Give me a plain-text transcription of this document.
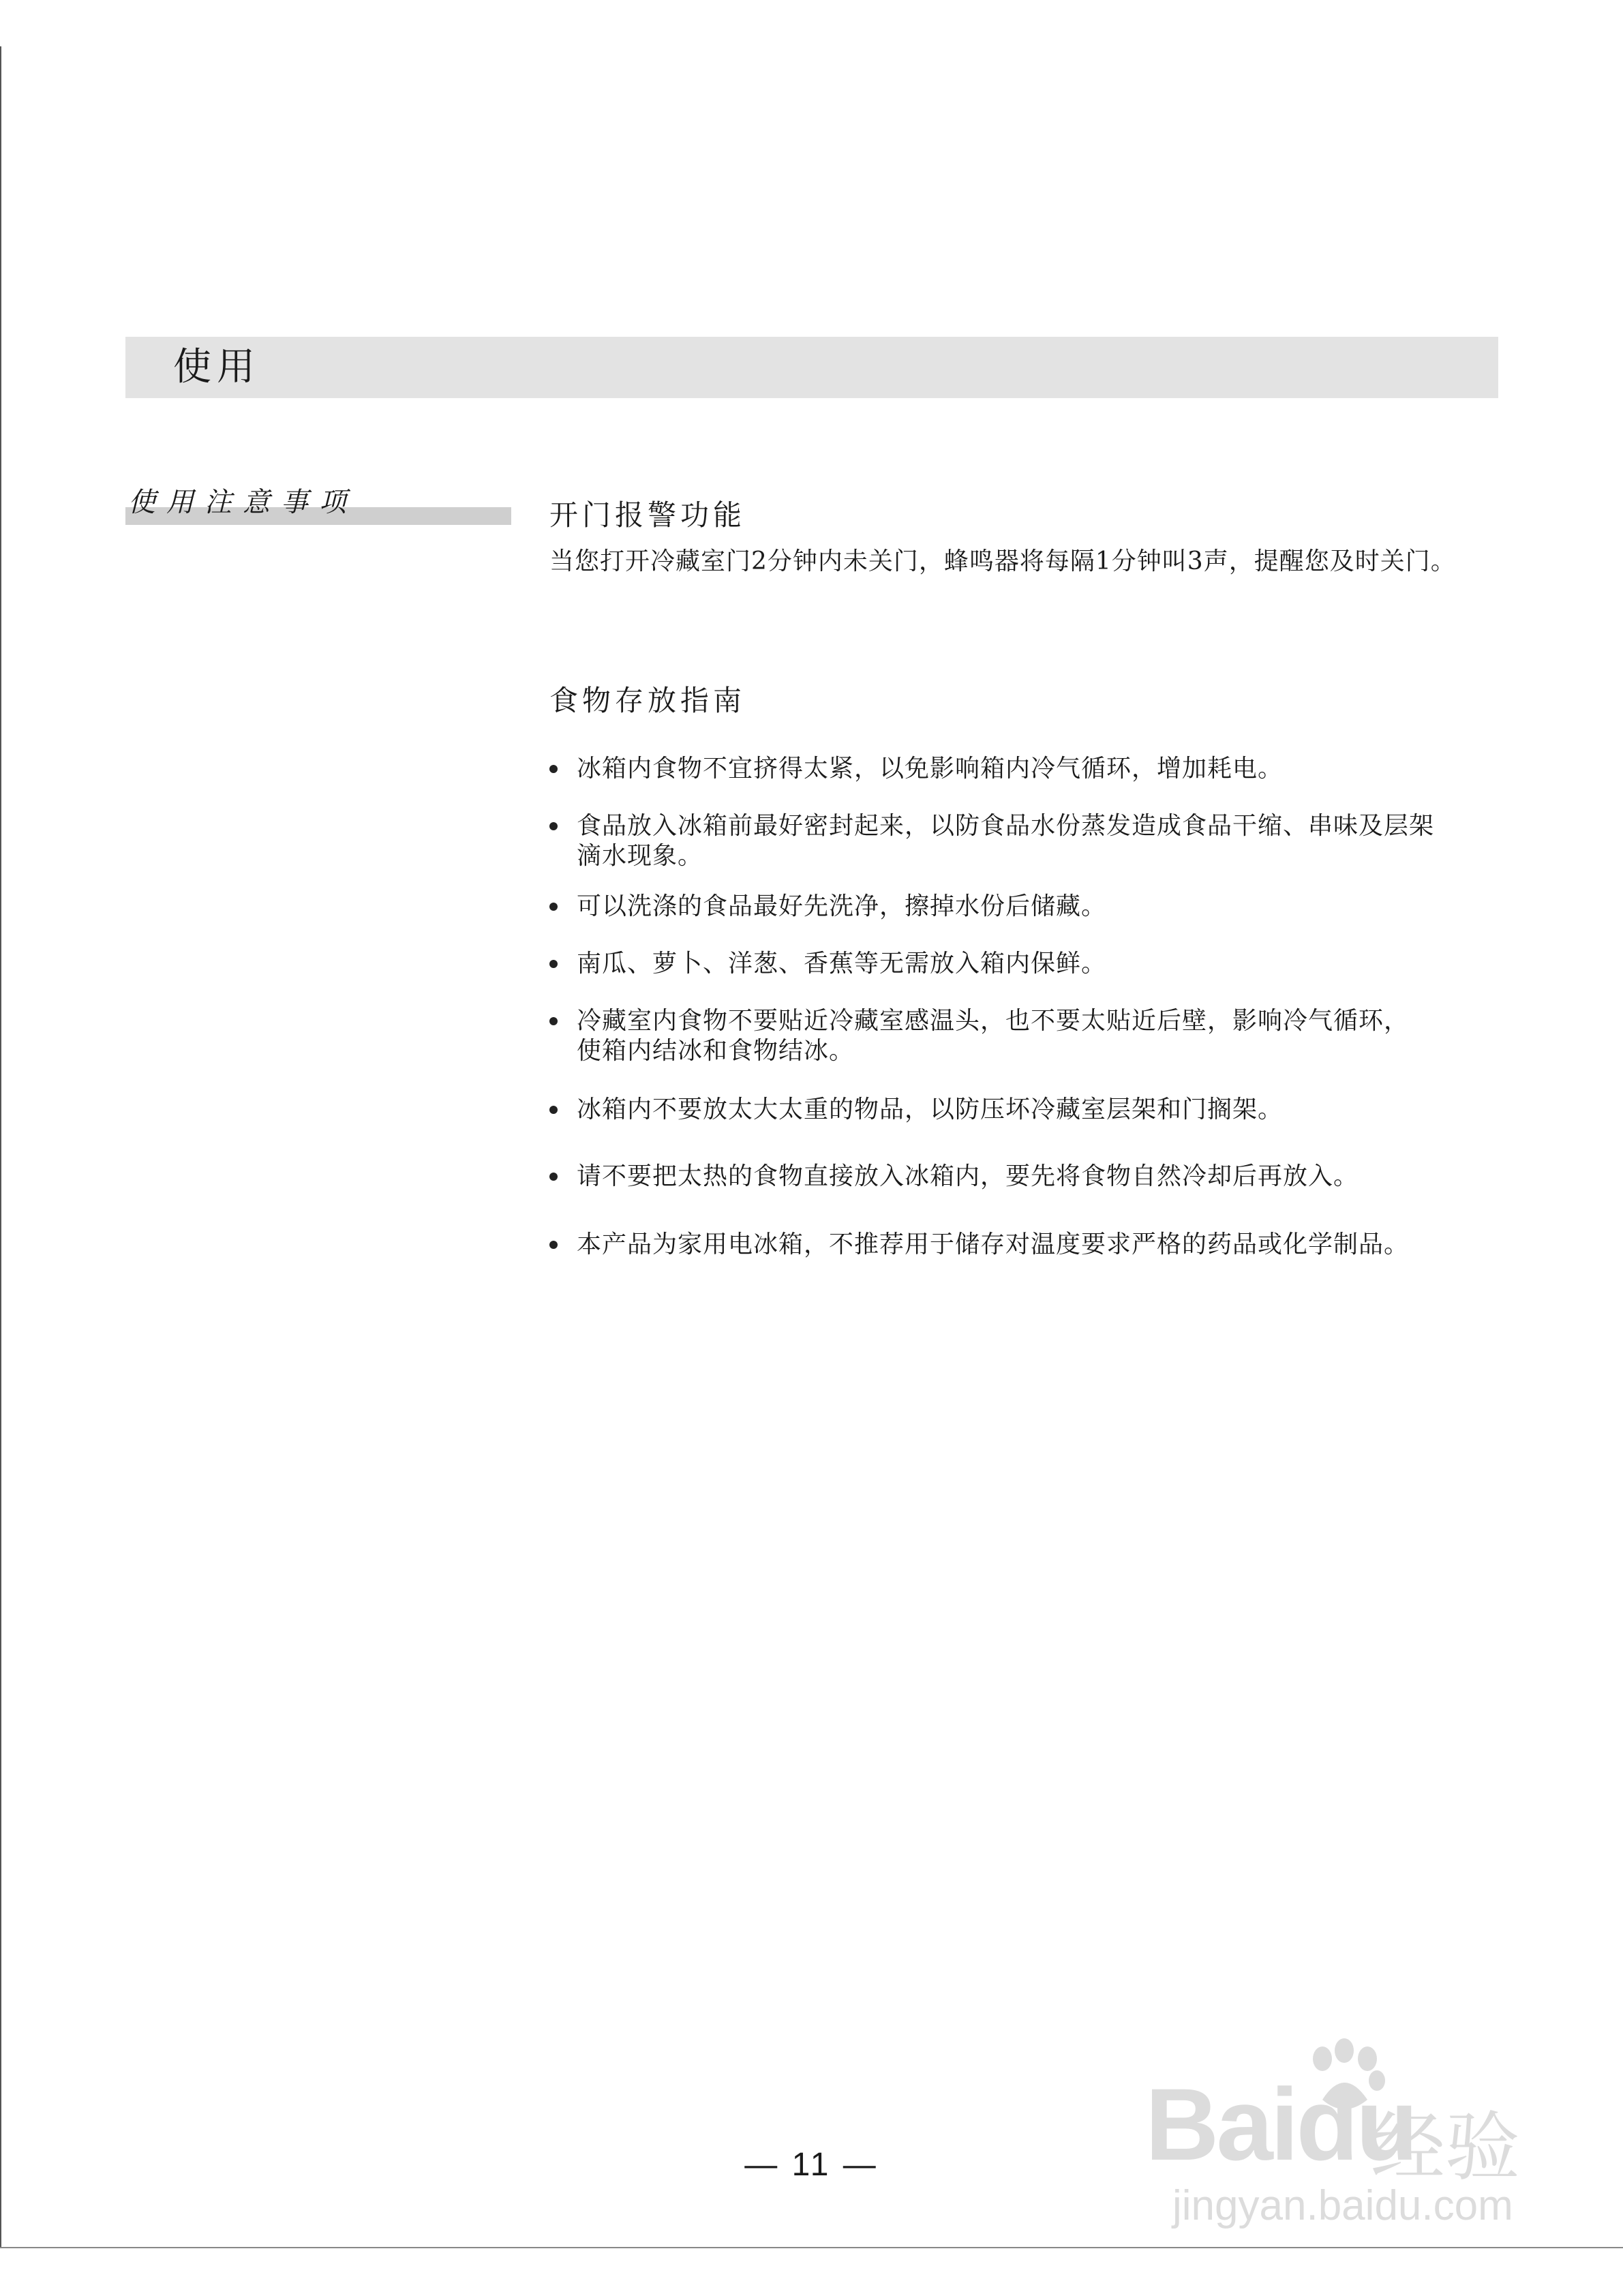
使用
使用注意事项	开门报警功能
当您打开冷藏室门2分钟内未关门，蜂鸣器将每隔1分钟叫3声，提醒您及时关门。
食物存放指南
冰箱内食物不宜挤得太紧，以免影响箱内冷气循环，增加耗电。
食品放入冰箱前最好密封起来，以防食品水份蒸发造成食品干缩、串味及层架
滴水现象。
可以洗涤的食品最好先洗净，擦掉水份后储藏。
南瓜、萝卜、洋葱、香蕉等无需放入箱内保鲜。
冷藏室内食物不要贴近冷藏室感温头，也不要太贴近后壁，影响冷气循环，
使箱内结冰和食物结冰。
冰箱内不要放太大太重的物品，以防压坏冷藏室层架和门搁架。
请不要把太热的食物直接放入冰箱内，要先将食物自然冷却后再放入。
本产品为家用电冰箱，不推荐用于储存对温度要求严格的药品或化学制品。
— 11 —	Baidu
经验
jingyan.baidu.com
